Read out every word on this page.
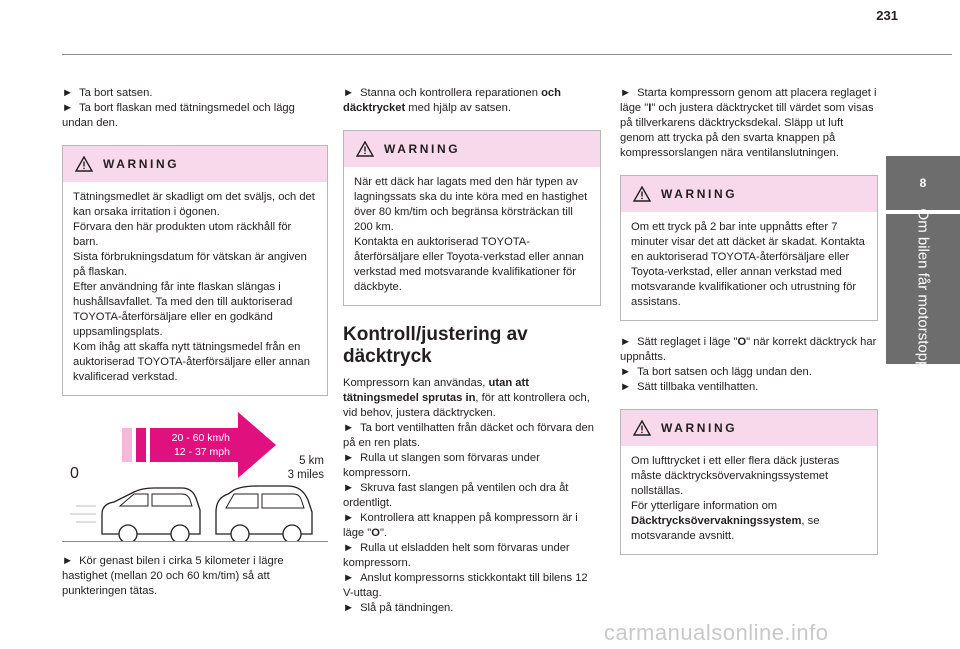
231
8
Om bilen får motorstopp
► Ta bort satsen.
► Ta bort flaskan med tätningsmedel och lägg undan den.
WARNING
Tätningsmedlet är skadligt om det sväljs, och det kan orsaka irritation i ögonen.
Förvara den här produkten utom räckhåll för barn.
Sista förbrukningsdatum för vätskan är angiven på flaskan.
Efter användning får inte flaskan slängas i hushållsavfallet. Ta med den till auktoriserad TOYOTA-återförsäljare eller en godkänd uppsamlingsplats.
Kom ihåg att skaffa nytt tätningsmedel från en auktoriserad TOYOTA-återförsäljare eller annan kvalificerad verkstad.
20 - 60 km/h
12 - 37 mph
0
5 km
3 miles
► Kör genast bilen i cirka 5 kilometer i lägre hastighet (mellan 20 och 60 km/tim) så att punkteringen tätas.
► Stanna och kontrollera reparationen och däcktrycket med hjälp av satsen.
WARNING
När ett däck har lagats med den här typen av lagningssats ska du inte köra med en hastighet över 80 km/tim och begränsa körsträckan till 200 km.
Kontakta en auktoriserad TOYOTA-återförsäljare eller Toyota-verkstad eller annan verkstad med motsvarande kvalifikationer för däckbyte.
Kontroll/justering av däcktryck
Kompressorn kan användas, utan att tätningsmedel sprutas in, för att kontrollera och, vid behov, justera däcktrycken.
► Ta bort ventilhatten från däcket och förvara den på en ren plats.
► Rulla ut slangen som förvaras under kompressorn.
► Skruva fast slangen på ventilen och dra åt ordentligt.
► Kontrollera att knappen på kompressorn är i läge "O".
► Rulla ut elsladden helt som förvaras under kompressorn.
► Anslut kompressorns stickkontakt till bilens 12 V-uttag.
► Slå på tändningen.
► Starta kompressorn genom att placera reglaget i läge "I" och justera däcktrycket till värdet som visas på tillverkarens däcktrycksdekal. Släpp ut luft genom att trycka på den svarta knappen på kompressorslangen nära ventilanslutningen.
WARNING
Om ett tryck på 2 bar inte uppnåtts efter 7 minuter visar det att däcket är skadat. Kontakta en auktoriserad TOYOTA-återförsäljare eller Toyota-verkstad, eller annan verkstad med motsvarande kvalifikationer och utrustning för assistans.
► Sätt reglaget i läge "O" när korrekt däcktryck har uppnåtts.
► Ta bort satsen och lägg undan den.
► Sätt tillbaka ventilhatten.
WARNING
Om lufttrycket i ett eller flera däck justeras måste däcktrycksövervakningssystemet nollställas.
För ytterligare information om Däcktrycksövervakningssystem, se motsvarande avsnitt.
carmanualsonline.info
